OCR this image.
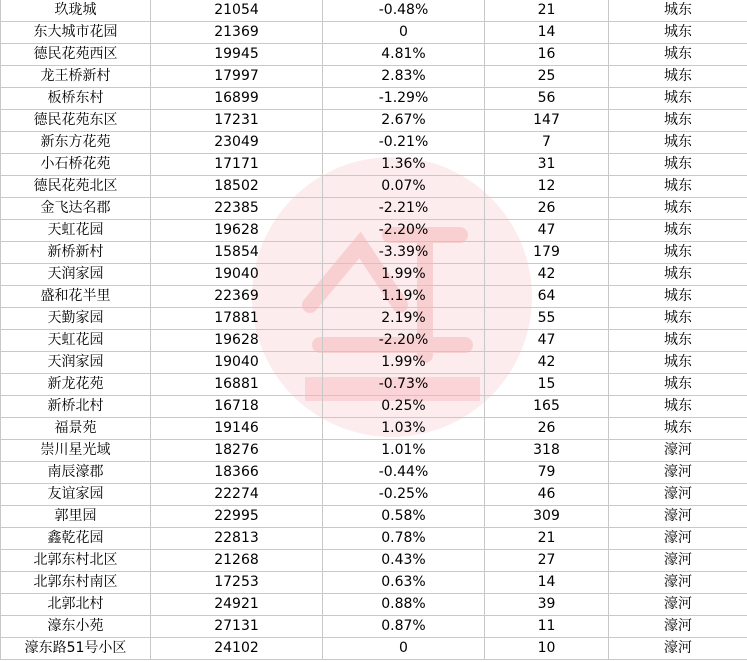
玖珑城	21054	-0.48%	21	城东
东大城市花园	21369	0	14	城东
德民花苑西区	19945	4.81%	16	城东
龙王桥新村	17997	2.83%	25	城东
板桥东村	16899	-1.29%	56	城东
德民花苑东区	17231	2.67%	147	城东
新东方花苑	23049	-0.21%	7	城东
小石桥花苑	17171	1.36%	31	城东
德民花苑北区	18502	0.07%	12	城东
金飞达名郡	22385	-2.21%	26	城东
天虹花园	19628	-2.20%	47	城东
新桥新村	15854	-3.39%	179	城东
天润家园	19040	1.99%	42	城东
盛和花半里	22369	1.19%	64	城东
天勤家园	17881	2.19%	55	城东
天虹花园	19628	-2.20%	47	城东
天润家园	19040	1.99%	42	城东
新龙花苑	16881	-0.73%	15	城东
新桥北村	16718	0.25%	165	城东
福景苑	19146	1.03%	26	城东
崇川星光域	18276	1.01%	318	濠河
南辰濠郡	18366	-0.44%	79	濠河
友谊家园	22274	-0.25%	46	濠河
郭里园	22995	0.58%	309	濠河
鑫乾花园	22813	0.78%	21	濠河
北郭东村北区	21268	0.43%	27	濠河
北郭东村南区	17253	0.63%	14	濠河
北郭北村	24921	0.88%	39	濠河
濠东小苑	27131	0.87%	11	濠河
濠东路51号小区	24102	0	10	濠河
